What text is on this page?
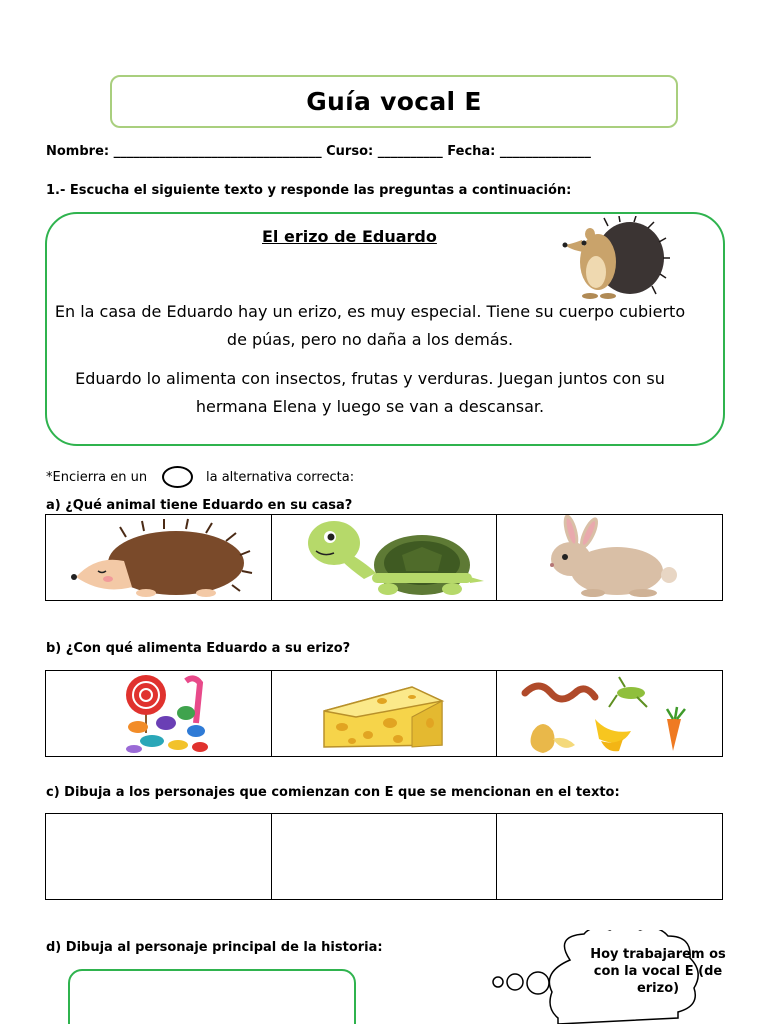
Guía vocal E
Nombre: ________________________________ Curso: __________ Fecha: ______________
1.- Escucha el siguiente texto y responde las preguntas a continuación:
El erizo de Eduardo
En la casa de Eduardo hay un erizo, es muy especial. Tiene su cuerpo cubierto de púas, pero no daña a los demás.
Eduardo lo alimenta con insectos, frutas y verduras. Juegan juntos con su hermana Elena y luego se van a descansar.
*Encierra en un	la alternativa correcta:
a) ¿Qué animal tiene Eduardo en su casa?
b) ¿Con qué alimenta Eduardo a su erizo?
c) Dibuja a los personajes que comienzan con E que se mencionan en el texto:
d) Dibuja al personaje principal de la historia:	Hoy trabajarem os con la vocal E (de erizo)
